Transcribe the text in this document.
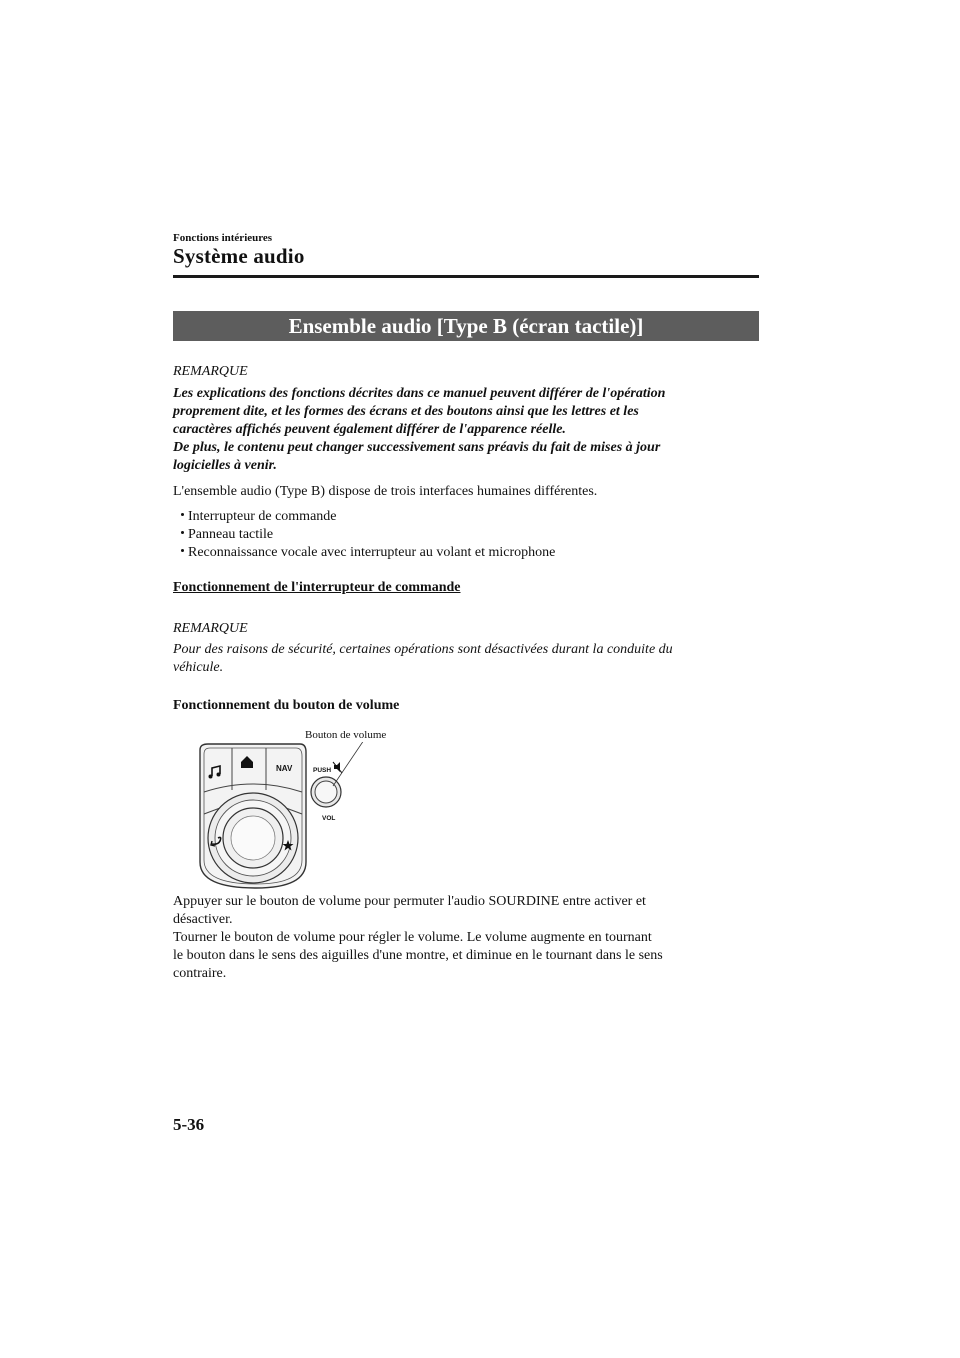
Fonctions intérieures
Système audio
Ensemble audio [Type B (écran tactile)]
REMARQUE
Les explications des fonctions décrites dans ce manuel peuvent différer de l'opération
proprement dite, et les formes des écrans et des boutons ainsi que les lettres et les
caractères affichés peuvent également différer de l'apparence réelle.
De plus, le contenu peut changer successivement sans préavis du fait de mises à jour
logicielles à venir.
L'ensemble audio (Type B) dispose de trois interfaces humaines différentes.
Interrupteur de commande
Panneau tactile
Reconnaissance vocale avec interrupteur au volant et microphone
Fonctionnement de l'interrupteur de commande
REMARQUE
Pour des raisons de sécurité, certaines opérations sont désactivées durant la conduite du
véhicule.
Fonctionnement du bouton de volume
Bouton de volume
NAV	PUSH
VOL
Appuyer sur le bouton de volume pour permuter l'audio SOURDINE entre activer et
désactiver.
Tourner le bouton de volume pour régler le volume. Le volume augmente en tournant
le bouton dans le sens des aiguilles d'une montre, et diminue en le tournant dans le sens
contraire.
5-36
